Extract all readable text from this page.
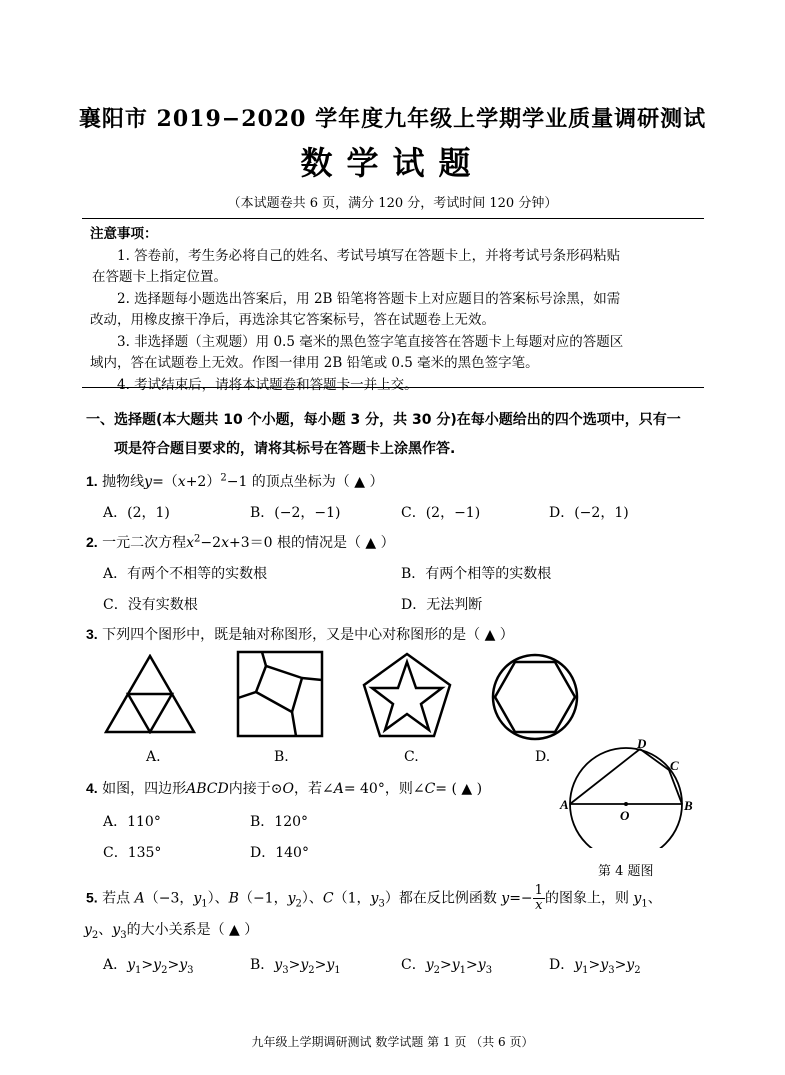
襄阳市 2019−2020 学年度九年级上学期学业质量调研测试
数学试题
（本试题卷共 6 页，满分 120 分，考试时间 120 分钟）
注意事项：
1. 答卷前，考生务必将自己的姓名、考试号填写在答题卡上，并将考试号条形码粘贴
在答题卡上指定位置。
2. 选择题每小题选出答案后，用 2B 铅笔将答题卡上对应题目的答案标号涂黑，如需
改动，用橡皮擦干净后，再选涂其它答案标号，答在试题卷上无效。
3. 非选择题（主观题）用 0.5 毫米的黑色签字笔直接答在答题卡上每题对应的答题区
域内，答在试题卷上无效。作图一律用 2B 铅笔或 0.5 毫米的黑色签字笔。
4. 考试结束后，请将本试题卷和答题卡一并上交。
一、选择题(本大题共 10 个小题，每小题 3 分，共 30 分)在每小题给出的四个选项中，只有一
项是符合题目要求的，请将其标号在答题卡上涂黑作答.
1. 抛物线$y=(x+2)^2-1$ 的顶点坐标为（ ▲ ）
A．(2，1)	B．(−2，−1)	C．(2，−1)	D．(−2，1)
2. 一元二次方程$x^2-2x+3=0$ 根的情况是（ ▲ ）
A．有两个不相等的实数根	B．有两个相等的实数根
C．没有实数根	D．无法判断
3. 下列四个图形中，既是轴对称图形，又是中心对称图形的是（ ▲ ）
A.	B.	C.	D.
4. 如图，四边形ABCD内接于⊙O，若∠A= 40°，则∠C= ( ▲ )
A．110°	B．120°
C．135°	D．140°
A	B
C
D
O
第 4 题图
5. 若点 A（−3，$y_1$）、B（−1，$y_2$）、C（1，$y_3$）都在反比例函数 $y=- \frac{1}{x}$ 的图象上，则 $y_1$、
$y_2$、$y_3$的大小关系是（ ▲ ）
A．$y_1>y_2>y_3$	B．$y_3>y_2>y_1$	C．$y_2>y_1>y_3$	D．$y_1>y_3>y_2$
九年级上学期调研测试 数学试题 第 1 页 （共 6 页）
